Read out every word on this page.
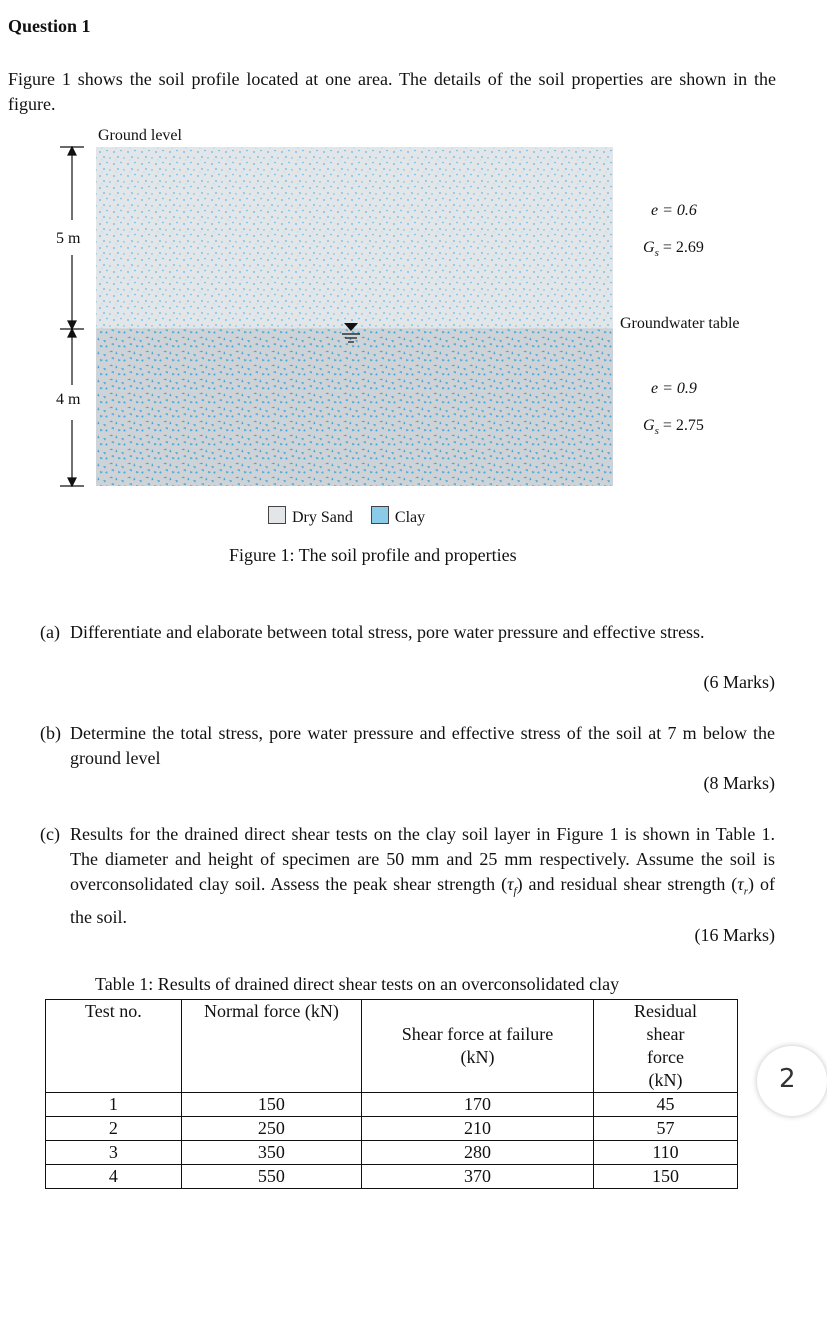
Question 1
Figure 1 shows the soil profile located at one area. The details of the soil properties are shown in the figure.
Ground level
5 m
4 m
e = 0.6
$G_s = 2.69$
Groundwater table
e = 0.9
$G_s = 2.75$
Dry Sand	Clay
Figure 1: The soil profile and properties
(a) Differentiate and elaborate between total stress, pore water pressure and effective stress.
(6 Marks)
(b) Determine the total stress, pore water pressure and effective stress of the soil at 7 m below the ground level
(8 Marks)
(c) Results for the drained direct shear tests on the clay soil layer in Figure 1 is shown in Table 1. The diameter and height of specimen are 50 mm and 25 mm respectively. Assume the soil is overconsolidated clay soil. Assess the peak shear strength $(\tau_f)$ and residual shear strength $(\tau_r)$ of the soil.
(16 Marks)
Table 1: Results of drained direct shear tests on an overconsolidated clay
Test no.	Normal force (kN)	Shear force at failure (kN)	Residual shear force (kN)
1	150	170	45
2	250	210	57
3	350	280	110
4	550	370	150
2
